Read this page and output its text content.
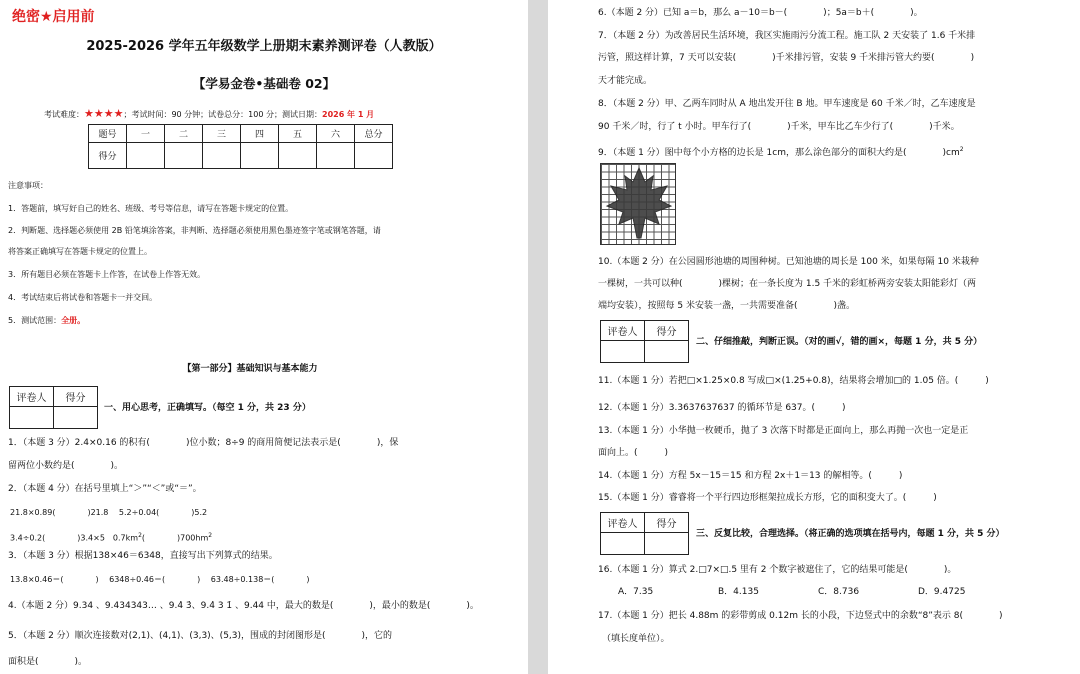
绝密★启用前
2025-2026 学年五年级数学上册期末素养测评卷（人教版）
【学易金卷•基础卷 02】
考试难度：★★★★；考试时间：90 分钟；试卷总分：100 分；测试日期：2026 年 1 月
题号	一	二	三	四	五	六	总分
得分							
注意事项：
1．答题前，填写好自己的姓名、班级、考号等信息，请写在答题卡规定的位置。
2．判断题、选择题必须使用 2B 铅笔填涂答案，非判断、选择题必须使用黑色墨迹签字笔或钢笔答题，请
将答案正确填写在答题卡规定的位置上。
3．所有题目必须在答题卡上作答，在试卷上作答无效。
4．考试结束后将试卷和答题卡一并交回。
5．测试范围：全册。
【第一部分】基础知识与基本能力
评卷人	得分

一、用心思考，正确填写。（每空 1 分，共 23 分）
1．（本题 3 分）2.4×0.16 的积有(　　　　)位小数；8÷9 的商用简便记法表示是(　　　　)，保
留两位小数约是(　　　　)。
2．（本题 4 分）在括号里填上“＞”“＜”或“＝”。
21.8×0.89(　　　　)21.8　 5.2÷0.04(　　　　)5.2
3.4÷0.2(　　　　)3.4×5　$0.7km^2$(　　　　)$700hm^2$
3．（本题 3 分）根据138×46＝6348，直接写出下列算式的结果。
13.8×0.46＝(　　　　)　 6348÷0.46＝(　　　　)　 63.48÷0.138＝(　　　　)
4.（本题 2 分）9.34 、9.434343… 、9.4̇ 3̇、9.4̇ 3 1̇ 、9.44 中，最大的数是(　　　　)，最小的数是(　　　　)。
5．（本题 2 分）顺次连接数对(2,1)、(4,1)、(3,3)、(5,3)，围成的封闭图形是(　　　　)，它的
面积是(　　　　)。
6.（本题 2 分）已知 a＝b，那么 a－10＝b－(　　　　)；5a＝b＋(　　　　)。
7．（本题 2 分）为改善居民生活环境，我区实施雨污分流工程。施工队 2 天安装了 1.6 千米排
污管，照这样计算，7 天可以安装(　　　　)千米排污管，安装 9 千米排污管大约要(　　　　)
天才能完成。
8．（本题 2 分）甲、乙两车同时从 A 地出发开往 B 地。甲车速度是 60 千米／时，乙车速度是
90 千米／时，行了 t 小时。甲车行了(　　　　)千米，甲车比乙车少行了(　　　　)千米。
9．（本题 1 分）图中每个小方格的边长是 1cm，那么涂色部分的面积大约是(　　　　)$cm^2$
10.（本题 2 分）在公园圆形池塘的周围种树。已知池塘的周长是 100 米，如果每隔 10 米栽种
一棵树，一共可以种(　　　　)棵树；在一条长度为 1.5 千米的彩虹桥两旁安装太阳能彩灯（两
端均安装），按照每 5 米安装一盏，一共需要准备(　　　　)盏。
评卷人	得分

二、仔细推敲，判断正误。（对的画√，错的画×，每题 1 分，共 5 分）
11.（本题 1 分）若把□×1.25×0.8 写成□×(1.25+0.8)，结果将会增加□的 1.05 倍。(　　　)
12.（本题 1 分）3.3637637637 的循环节是 637。(　　　)
13.（本题 1 分）小华抛一枚硬币，抛了 3 次落下时都是正面向上，那么再抛一次也一定是正
面向上。(　　　)
14.（本题 1 分）方程 5x－15＝15 和方程 2x＋1＝13 的解相等。(　　　)
15.（本题 1 分）睿睿将一个平行四边形框架拉成长方形，它的面积变大了。(　　　)
评卷人	得分

三、反复比较，合理选择。（将正确的选项填在括号内，每题 1 分，共 5 分）
16.（本题 1 分）算式 2.□7×□.5 里有 2 个数字被遮住了，它的结果可能是(　　　　)。
A．7.35	B．4.135	C．8.736	D．9.4725
17.（本题 1 分）把长 4.88m 的彩带剪成 0.12m 长的小段，下边竖式中的余数“8”表示 8(　　　　)
（填长度单位）。
